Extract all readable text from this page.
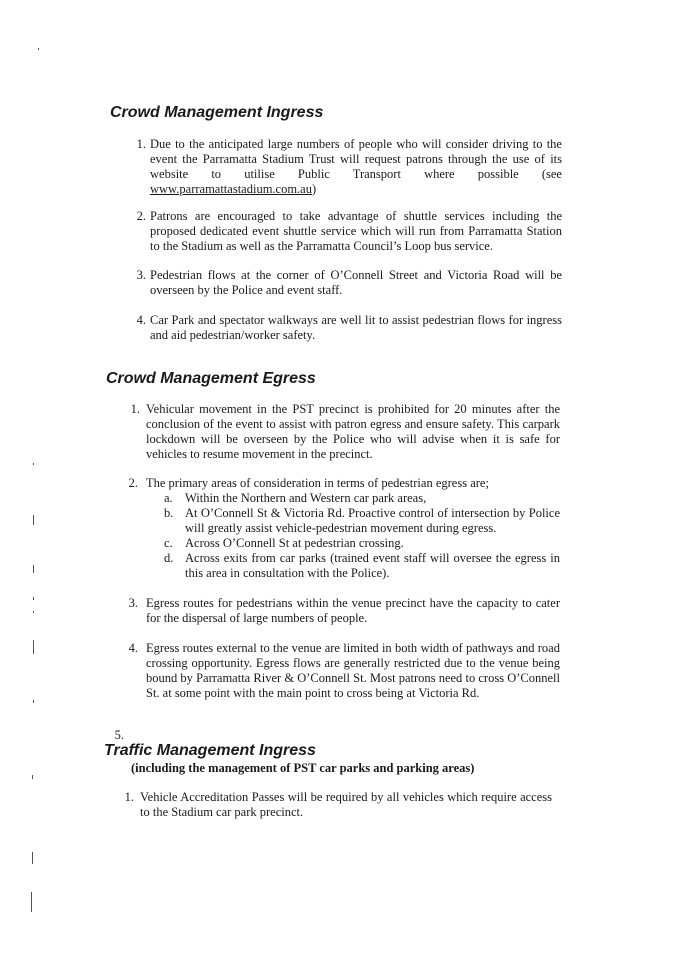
Crowd Management Ingress
1. Due to the anticipated large numbers of people who will consider driving to the event the Parramatta Stadium Trust will request patrons through the use of its website to utilise Public Transport where possible (see www.parramattastadium.com.au)

2. Patrons are encouraged to take advantage of shuttle services including the proposed dedicated event shuttle service which will run from Parramatta Station to the Stadium as well as the Parramatta Council’s Loop bus service.

3. Pedestrian flows at the corner of O’Connell Street and Victoria Road will be overseen by the Police and event staff.

4. Car Park and spectator walkways are well lit to assist pedestrian flows for ingress and aid pedestrian/worker safety.

Crowd Management Egress
1. Vehicular movement in the PST precinct is prohibited for 20 minutes after the conclusion of the event to assist with patron egress and ensure safety. This carpark lockdown will be overseen by the Police who will advise when it is safe for vehicles to resume movement in the precinct.

2. The primary areas of consideration in terms of pedestrian egress are;

a. Within the Northern and Western car park areas,

b. At O’Connell St & Victoria Rd. Proactive control of intersection by Police will greatly assist vehicle-pedestrian movement during egress.

c. Across O’Connell St at pedestrian crossing.

d. Across exits from car parks (trained event staff will oversee the egress in this area in consultation with the Police).

3. Egress routes for pedestrians within the venue precinct have the capacity to cater for the dispersal of large numbers of people.

4. Egress routes external to the venue are limited in both width of pathways and road crossing opportunity. Egress flows are generally restricted due to the venue being bound by Parramatta River & O’Connell St. Most patrons need to cross O’Connell St. at some point with the main point to cross being at Victoria Rd.

5.
Traffic Management Ingress

(including the management of PST car parks and parking areas)

1. Vehicle Accreditation Passes will be required by all vehicles which require access to the Stadium car park precinct.
